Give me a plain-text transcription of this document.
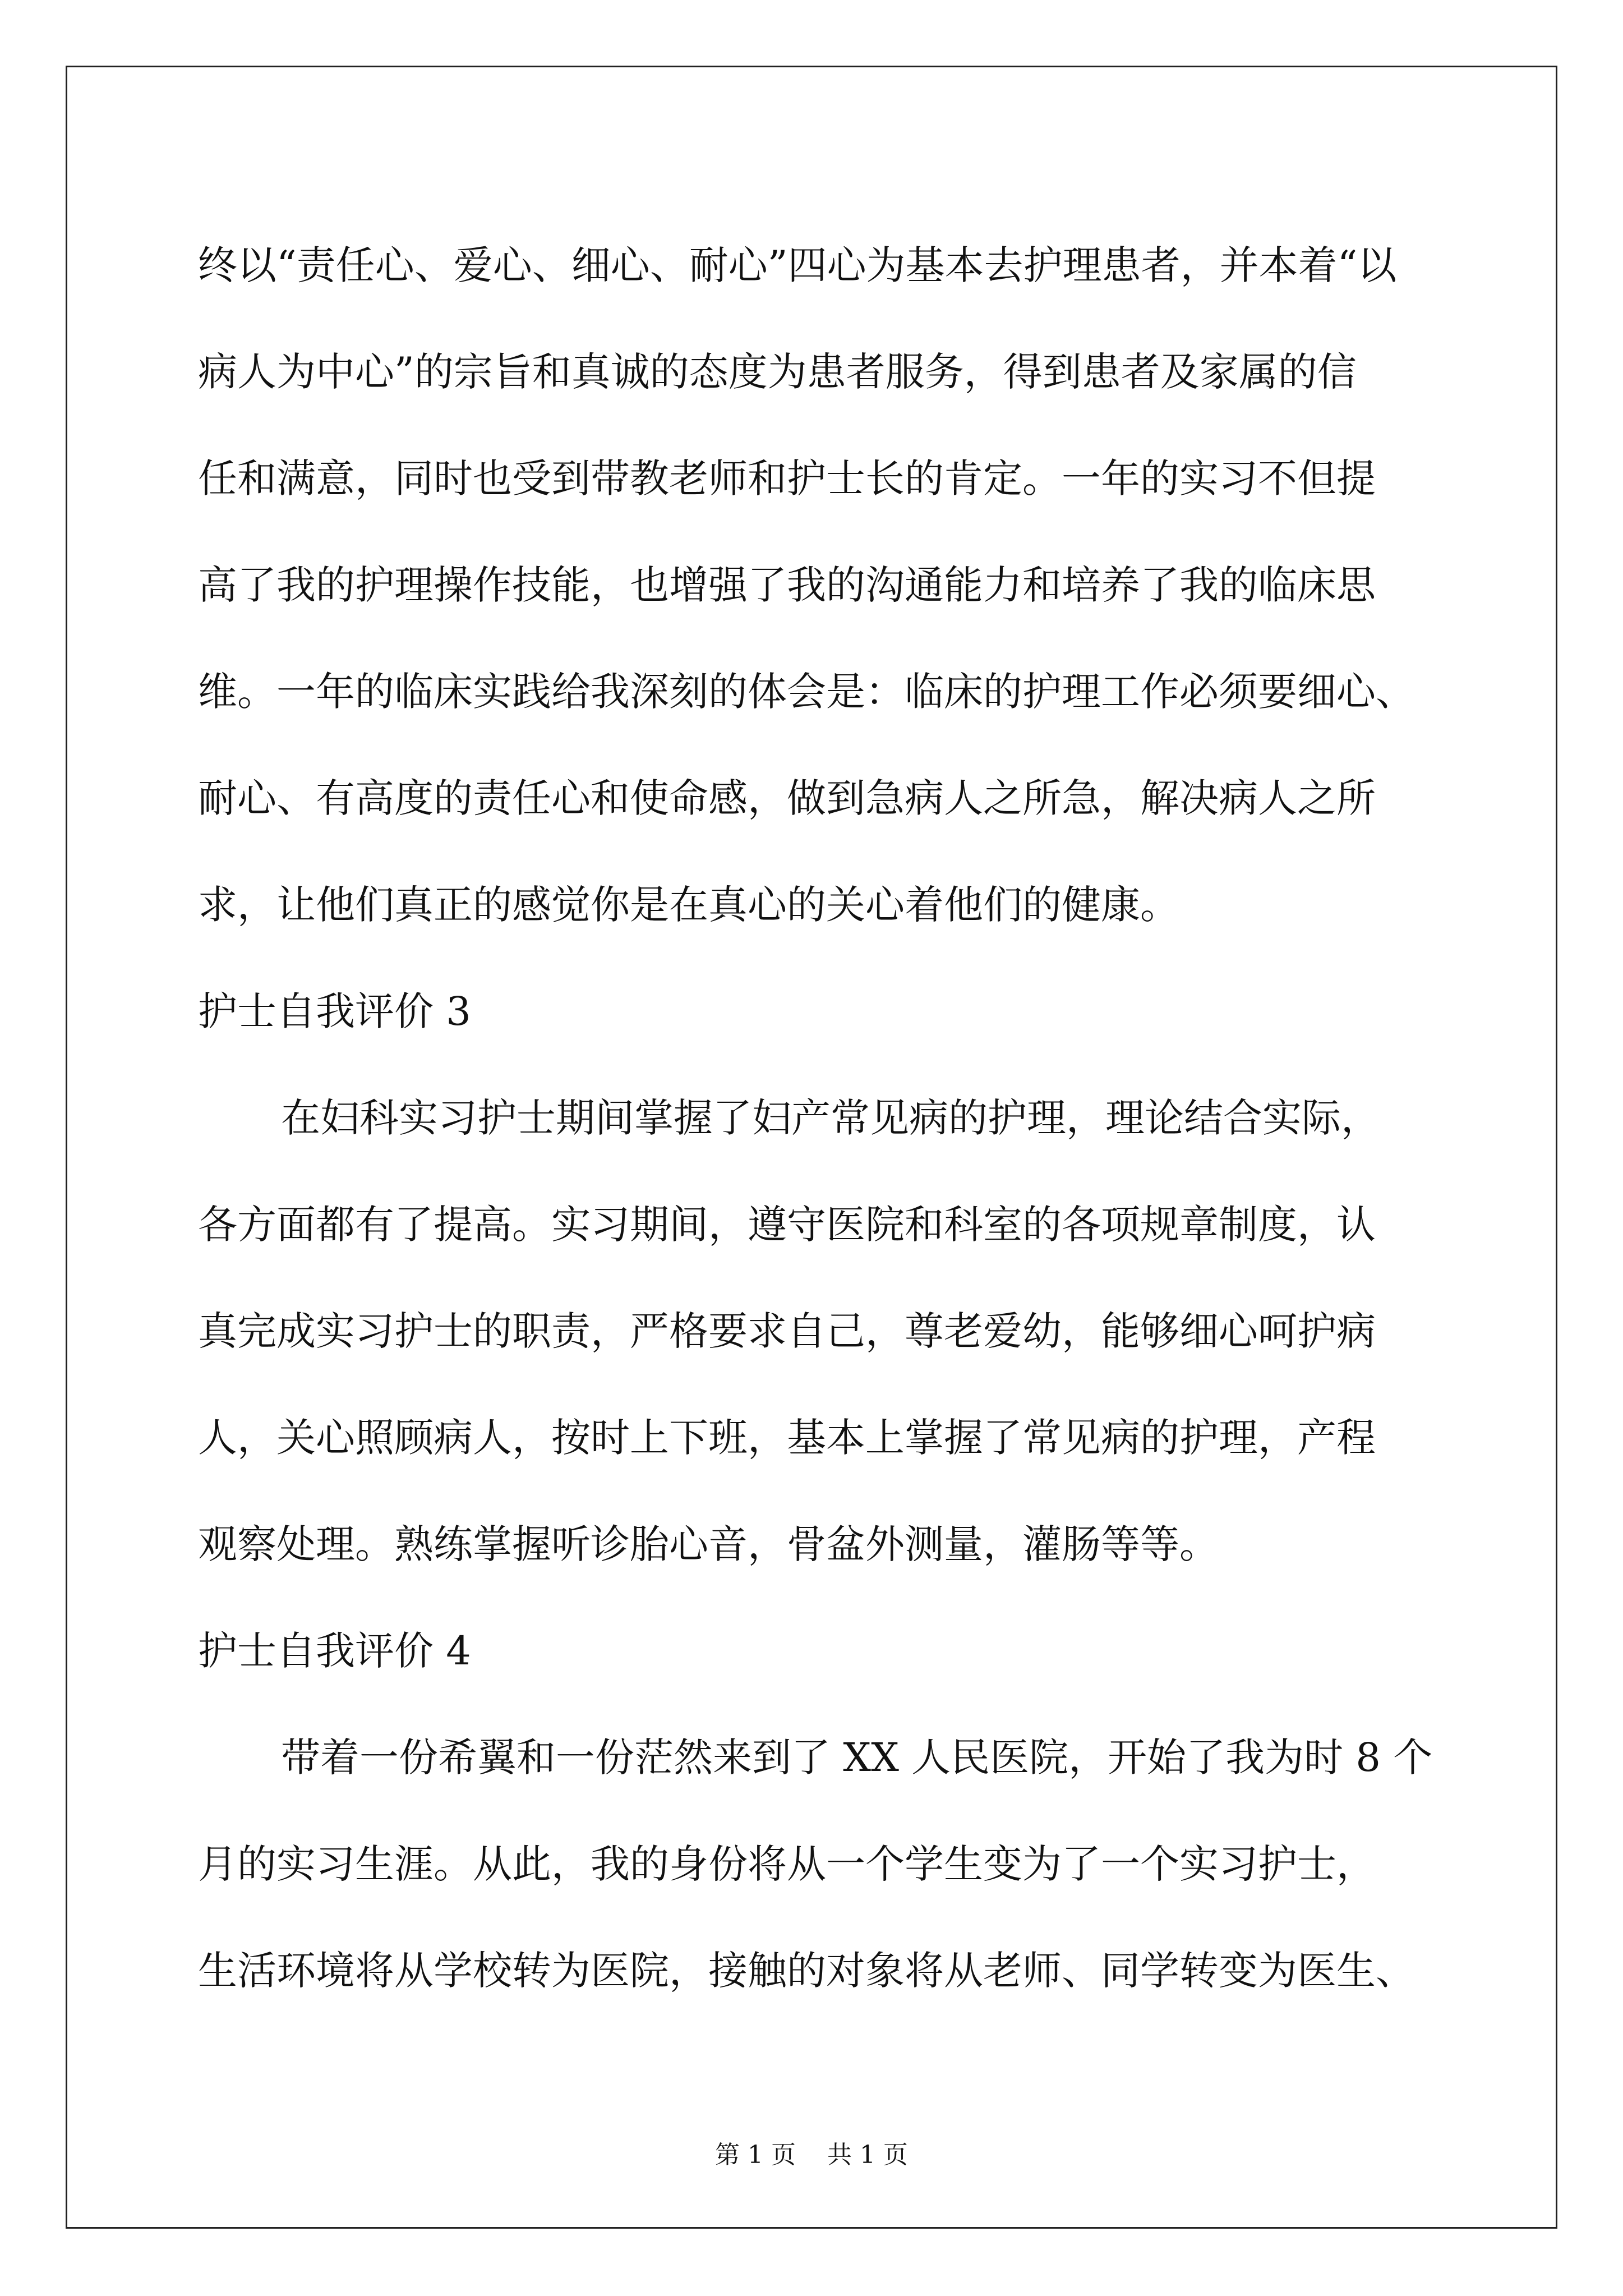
终以“责任心、爱心、细心、耐心”四心为基本去护理患者，并本着“以
病人为中心”的宗旨和真诚的态度为患者服务，得到患者及家属的信
任和满意，同时也受到带教老师和护士长的肯定。一年的实习不但提
高了我的护理操作技能，也增强了我的沟通能力和培养了我的临床思
维。一年的临床实践给我深刻的体会是：临床的护理工作必须要细心、
耐心、有高度的责任心和使命感，做到急病人之所急，解决病人之所
求，让他们真正的感觉你是在真心的关心着他们的健康。
护士自我评价 3
在妇科实习护士期间掌握了妇产常见病的护理，理论结合实际，
各方面都有了提高。实习期间，遵守医院和科室的各项规章制度，认
真完成实习护士的职责，严格要求自己，尊老爱幼，能够细心呵护病
人，关心照顾病人，按时上下班，基本上掌握了常见病的护理，产程
观察处理。熟练掌握听诊胎心音，骨盆外测量，灌肠等等。
护士自我评价 4
带着一份希翼和一份茫然来到了 XX 人民医院，开始了我为时 8 个
月的实习生涯。从此，我的身份将从一个学生变为了一个实习护士，
生活环境将从学校转为医院，接触的对象将从老师、同学转变为医生、
第 1 页    共 1 页
